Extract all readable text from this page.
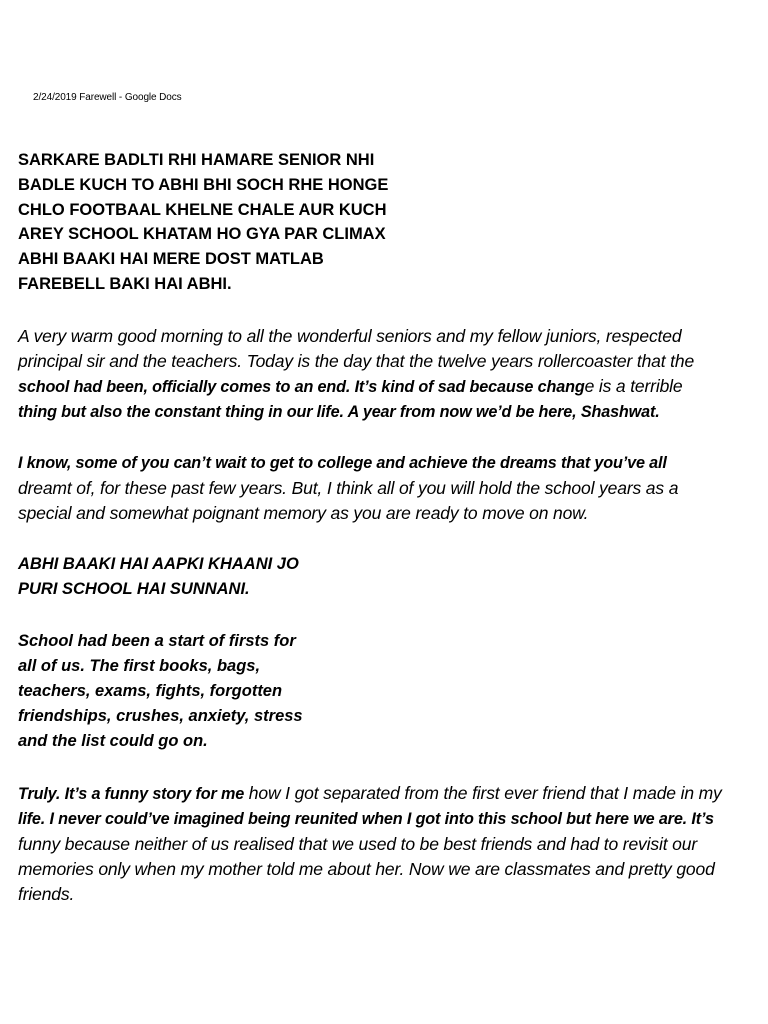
2/24/2019 Farewell - Google Docs
SARKARE BADLTI RHI HAMARE SENIOR NHI
BADLE KUCH TO ABHI BHI SOCH RHE HONGE
CHLO FOOTBAAL KHELNE CHALE AUR KUCH
AREY SCHOOL KHATAM HO GYA PAR CLIMAX
ABHI BAAKI HAI MERE DOST MATLAB
FAREBELL BAKI HAI ABHI.
A very warm good morning to all the wonderful seniors and my fellow juniors, respected
principal sir and the teachers. Today is the day that the twelve years rollercoaster that the
school had been, officially comes to an end. It’s kind of sad because change is a terrible
thing but also the constant thing in our life. A year from now we’d be here, Shashwat.
I know, some of you can’t wait to get to college and achieve the dreams that you’ve all
dreamt of, for these past few years. But, I think all of you will hold the school years as a
special and somewhat poignant memory as you are ready to move on now.
ABHI BAAKI HAI AAPKI KHAANI JO
PURI SCHOOL HAI SUNNANI.
School had been a start of firsts for
all of us. The first books, bags,
teachers, exams, fights, forgotten
friendships, crushes, anxiety, stress
and the list could go on.
Truly. It’s a funny story for me how I got separated from the first ever friend that I made in my
life. I never could’ve imagined being reunited when I got into this school but here we are. It’s
funny because neither of us realised that we used to be best friends and had to revisit our
memories only when my mother told me about her. Now we are classmates and pretty good
friends.
